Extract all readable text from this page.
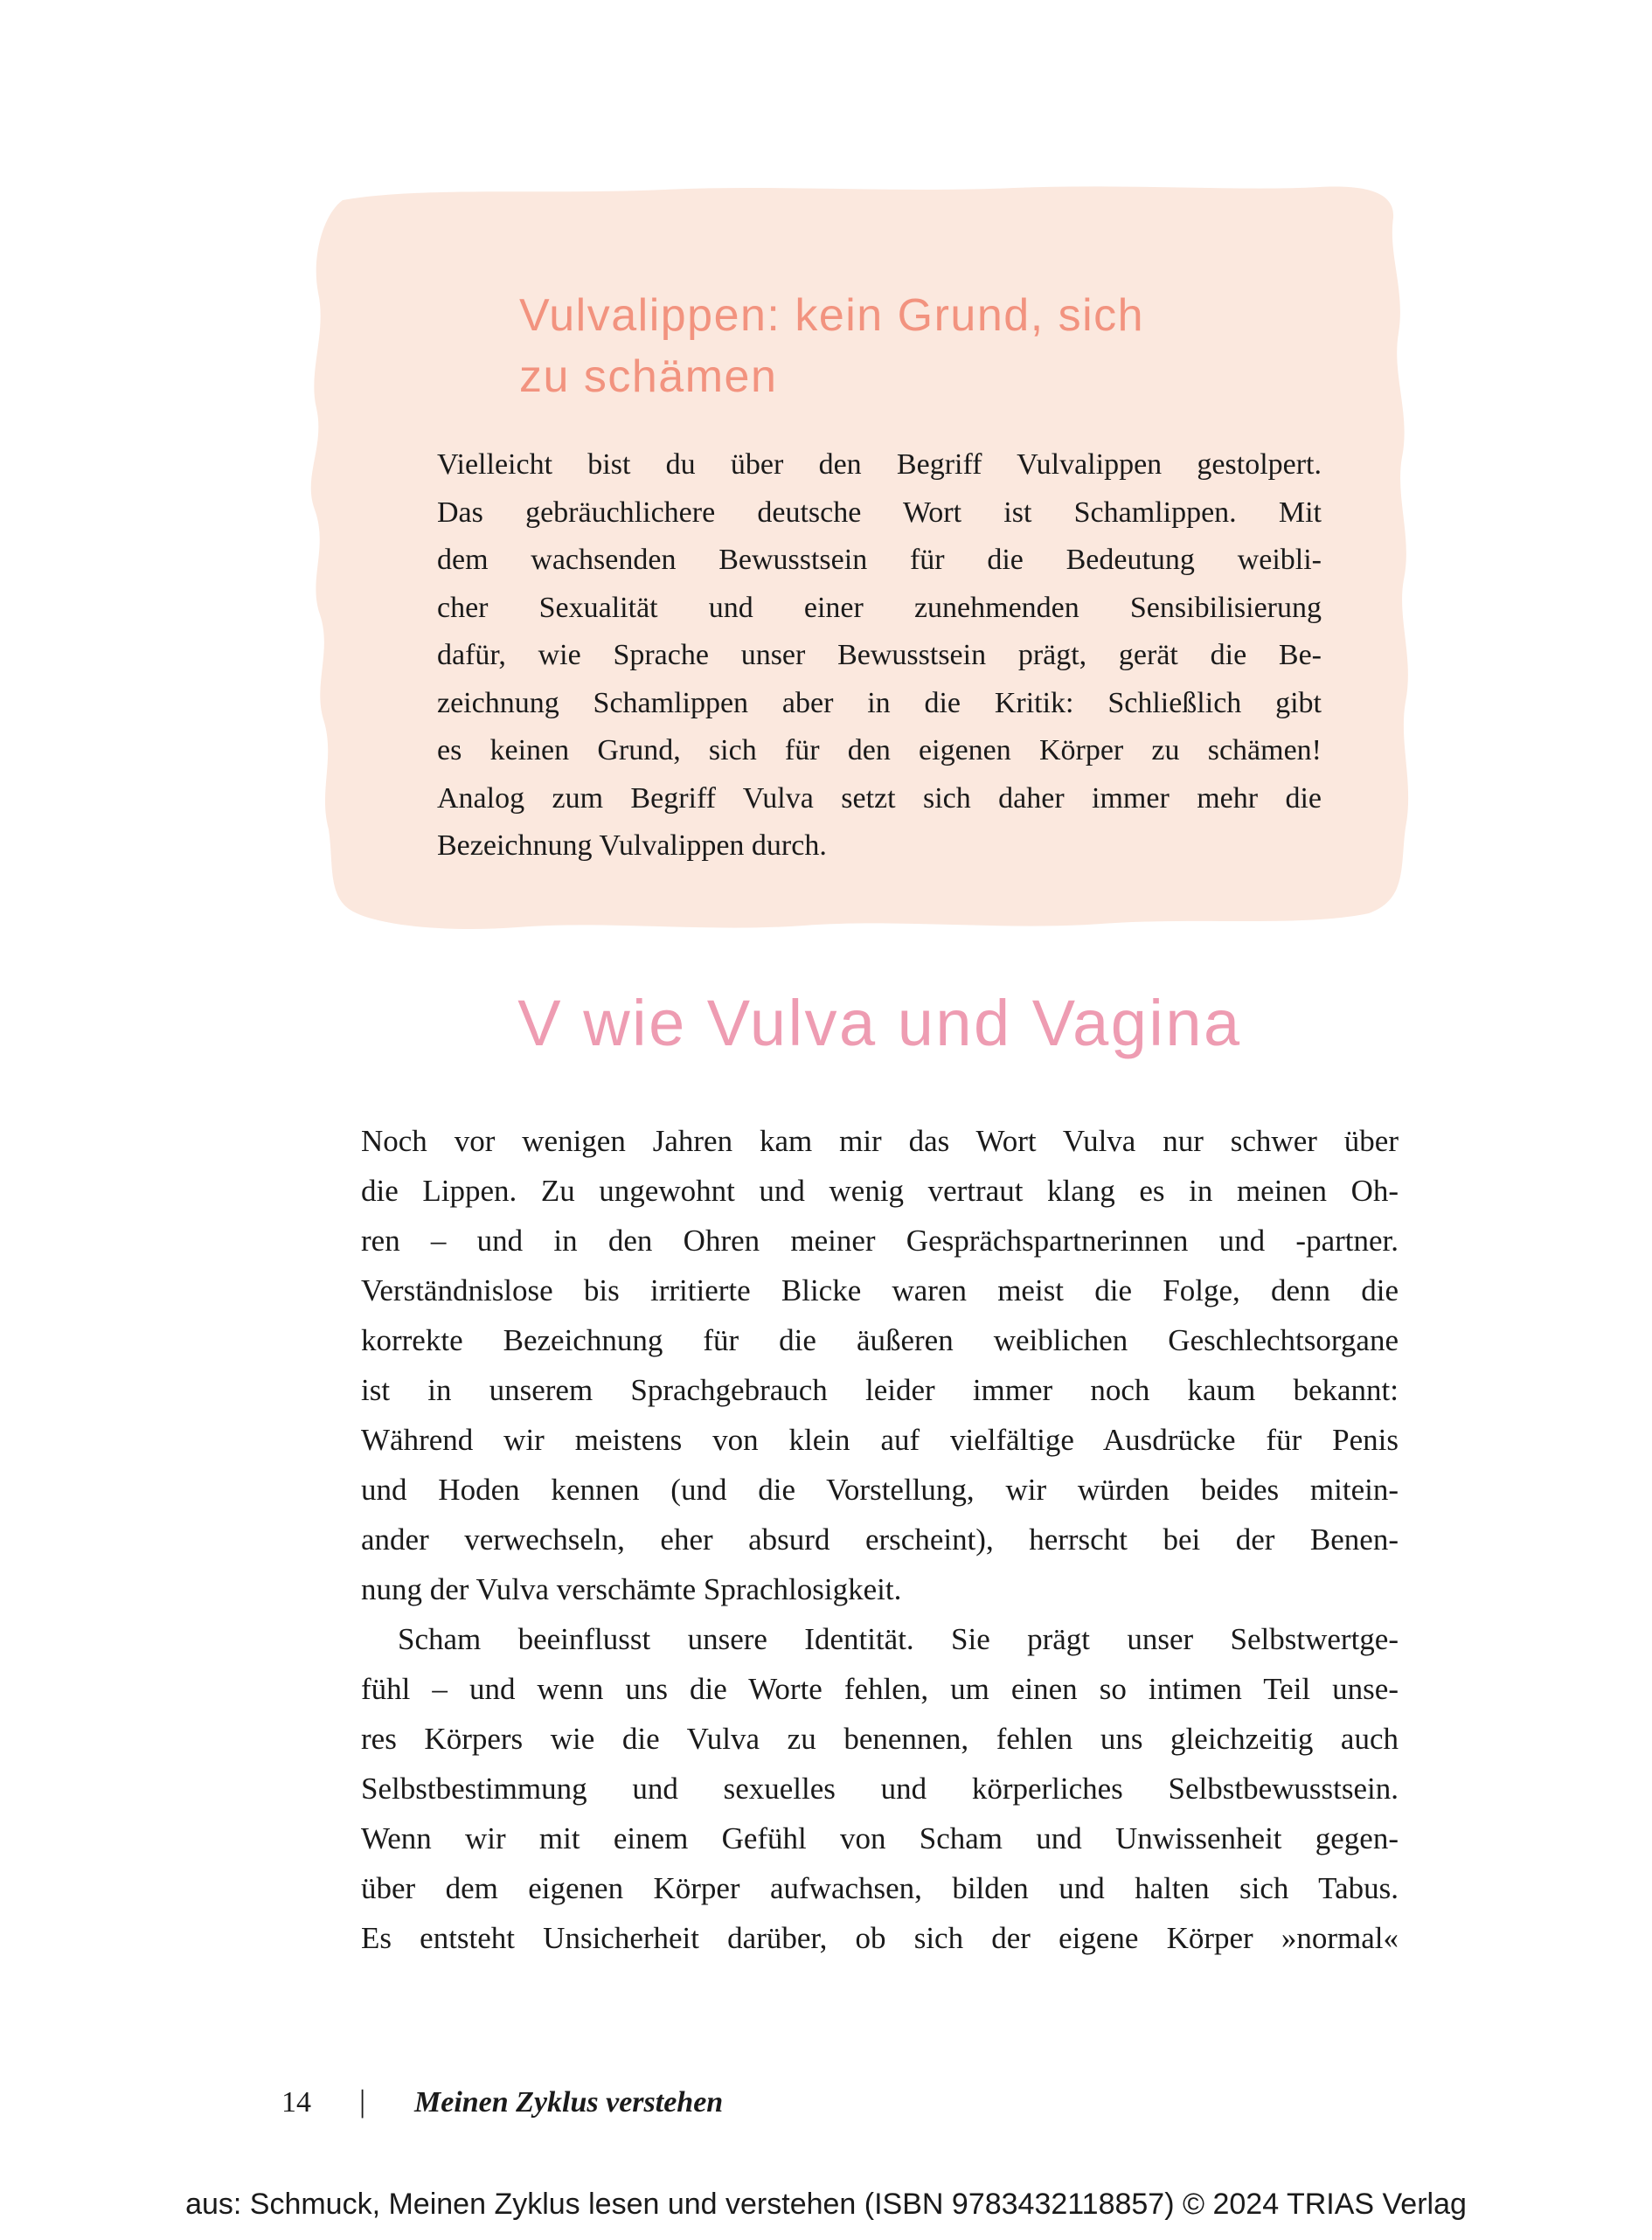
Vulvalippen: kein Grund, sich
zu schämen
Vielleicht bist du über den Begriff Vulvalippen gestolpert.
Das gebräuchlichere deutsche Wort ist Schamlippen. Mit
dem wachsenden Bewusstsein für die Bedeutung weibli-
cher Sexualität und einer zunehmenden Sensibilisierung
dafür, wie Sprache unser Bewusstsein prägt, gerät die Be-
zeichnung Schamlippen aber in die Kritik: Schließlich gibt
es keinen Grund, sich für den eigenen Körper zu schämen!
Analog zum Begriff Vulva setzt sich daher immer mehr die
Bezeichnung Vulvalippen durch.
V wie Vulva und Vagina
Noch vor wenigen Jahren kam mir das Wort Vulva nur schwer über
die Lippen. Zu ungewohnt und wenig vertraut klang es in meinen Oh-
ren – und in den Ohren meiner Gesprächspartnerinnen und -partner.
Verständnislose bis irritierte Blicke waren meist die Folge, denn die
korrekte Bezeichnung für die äußeren weiblichen Geschlechtsorgane
ist in unserem Sprachgebrauch leider immer noch kaum bekannt:
Während wir meistens von klein auf vielfältige Ausdrücke für Penis
und Hoden kennen (und die Vorstellung, wir würden beides mitein-
ander verwechseln, eher absurd erscheint), herrscht bei der Benen-
nung der Vulva verschämte Sprachlosigkeit.
Scham beeinflusst unsere Identität. Sie prägt unser Selbstwertge-
fühl – und wenn uns die Worte fehlen, um einen so intimen Teil unse-
res Körpers wie die Vulva zu benennen, fehlen uns gleichzeitig auch
Selbstbestimmung und sexuelles und körperliches Selbstbewusstsein.
Wenn wir mit einem Gefühl von Scham und Unwissenheit gegen-
über dem eigenen Körper aufwachsen, bilden und halten sich Tabus.
Es entsteht Unsicherheit darüber, ob sich der eigene Körper »normal«
14 | Meinen Zyklus verstehen
aus: Schmuck, Meinen Zyklus lesen und verstehen (ISBN 9783432118857) © 2024 TRIAS Verlag
